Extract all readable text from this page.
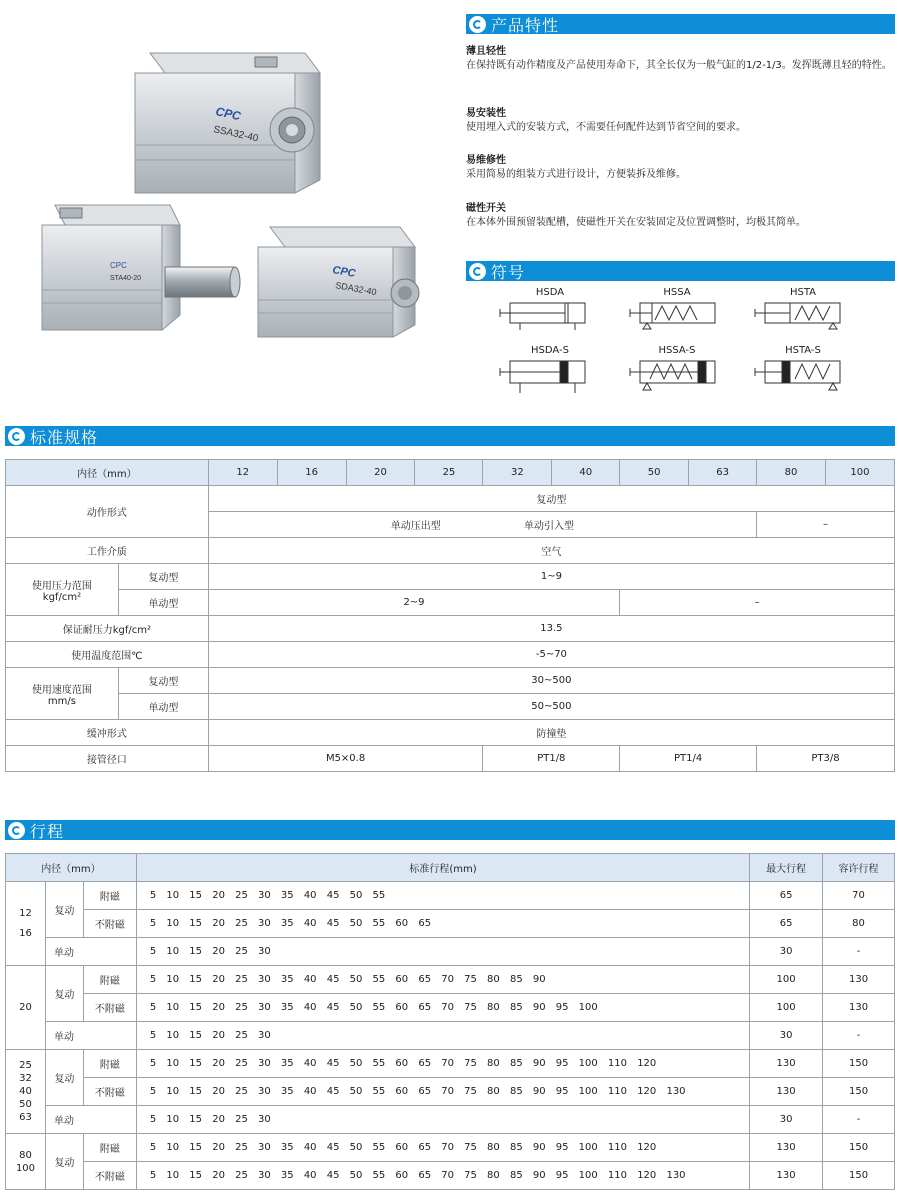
CPC
SSA32-40
CPC
STA40-20	CPC
SDA32-40
产品特性
薄且轻性
在保持既有动作精度及产品使用寿命下，其全长仅为一般气缸的1/2-1/3。发挥既薄且轻的特性。
易安装性
使用埋入式的安装方式，不需要任何配件达到节省空间的要求。
易维修性
采用简易的组装方式进行设计，方便装拆及维修。
磁性开关
在本体外围预留装配槽，使磁性开关在安装固定及位置调整时，均极其简单。
符号
HSDA	HSSA	HSTA
HSDA-S	HSSA-S	HSTA-S
标准规格
内径（mm）		12	16	20	25	32	40	50	63	80	100
动作形式		复动型									
		单动压出型 单动引入型								–	
工作介质		空气									

使用压力范围
kgf/cm²	复动型	1~9									
	单动型	2~9						–			
保证耐压力kgf/cm²		13.5									
使用温度范围℃		-5~70									

使用速度范围
mm/s	复动型	30~500									
	单动型	50~500									
缓冲形式		防撞垫									
接管径口		M5×0.8				PT1/8		PT1/4		PT3/8	
行程
内径（mm）			标准行程(mm)	最大行程	容许行程

12
16	复动	附磁	5 10 15 20 25 30 35 40 45 50 55	65	70
		不附磁	5 10 15 20 25 30 35 40 45 50 55 60 65	65	80
	单动		5 10 15 20 25 30	30	-

20	复动	附磁	5 10 15 20 25 30 35 40 45 50 55 60 65 70 75 80 85 90	100	130
		不附磁	5 10 15 20 25 30 35 40 45 50 55 60 65 70 75 80 85 90 95 100	100	130
	单动		5 10 15 20 25 30	30	-

25
32
40
50
63	复动	附磁	5 10 15 20 25 30 35 40 45 50 55 60 65 70 75 80 85 90 95 100 110 120	130	150
		不附磁	5 10 15 20 25 30 35 40 45 50 55 60 65 70 75 80 85 90 95 100 110 120 130	130	150
	单动		5 10 15 20 25 30	30	-

80
100	复动	附磁	5 10 15 20 25 30 35 40 45 50 55 60 65 70 75 80 85 90 95 100 110 120	130	150
		不附磁	5 10 15 20 25 30 35 40 45 50 55 60 65 70 75 80 85 90 95 100 110 120 130	130	150
